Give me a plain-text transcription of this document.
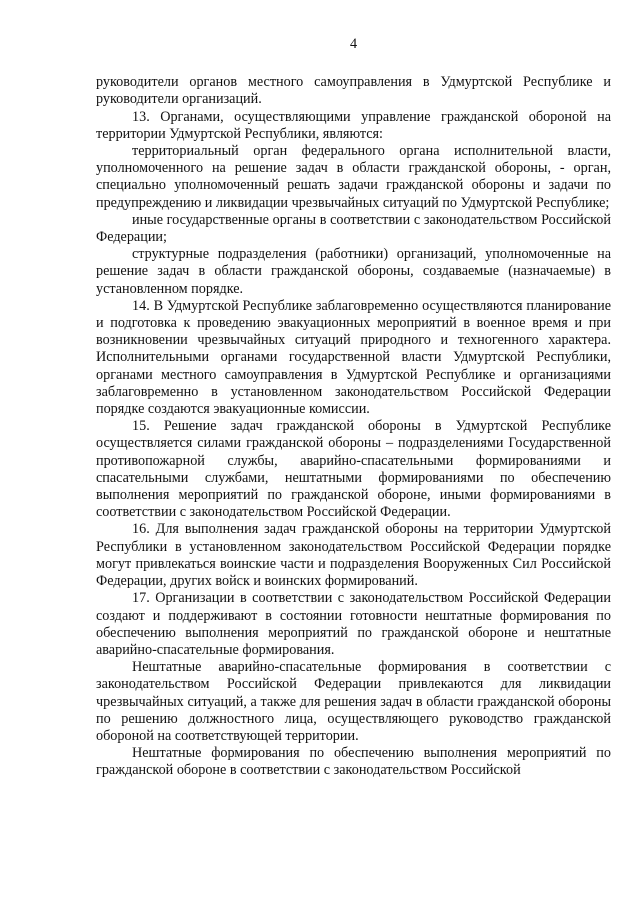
4

руководители органов местного самоуправления в Удмуртской Республике и руководители организаций.

13. Органами, осуществляющими управление гражданской обороной на территории Удмуртской Республики, являются:

территориальный орган федерального органа исполнительной власти, уполномоченного на решение задач в области гражданской обороны, - орган, специально уполномоченный решать задачи гражданской обороны и задачи по предупреждению и ликвидации чрезвычайных ситуаций по Удмуртской Республике;

иные государственные органы в соответствии с законодательством Российской Федерации;

структурные подразделения (работники) организаций, уполномоченные на решение задач в области гражданской обороны, создаваемые (назначаемые) в установленном порядке.

14. В Удмуртской Республике заблаговременно осуществляются планирование и подготовка к проведению эвакуационных мероприятий в военное время и при возникновении чрезвычайных ситуаций природного и техногенного характера. Исполнительными органами государственной власти Удмуртской Республики, органами местного самоуправления в Удмуртской Республике и организациями заблаговременно в установленном законодательством Российской Федерации порядке создаются эвакуационные комиссии.

15. Решение задач гражданской обороны в Удмуртской Республике осуществляется силами гражданской обороны – подразделениями Государственной противопожарной службы, аварийно-спасательными формированиями и спасательными службами, нештатными формированиями по обеспечению выполнения мероприятий по гражданской обороне, иными формированиями в соответствии с законодательством Российской Федерации.

16. Для выполнения задач гражданской обороны на территории Удмуртской Республики в установленном законодательством Российской Федерации порядке могут привлекаться воинские части и подразделения Вооруженных Сил Российской Федерации, других войск и воинских формирований.

17. Организации в соответствии с законодательством Российской Федерации создают и поддерживают в состоянии готовности нештатные формирования по обеспечению выполнения мероприятий по гражданской обороне и нештатные аварийно-спасательные формирования.

Нештатные аварийно-спасательные формирования в соответствии с законодательством Российской Федерации привлекаются для ликвидации чрезвычайных ситуаций, а также для решения задач в области гражданской обороны по решению должностного лица, осуществляющего руководство гражданской обороной на соответствующей территории.

Нештатные формирования по обеспечению выполнения мероприятий по гражданской обороне в соответствии с законодательством Российской
